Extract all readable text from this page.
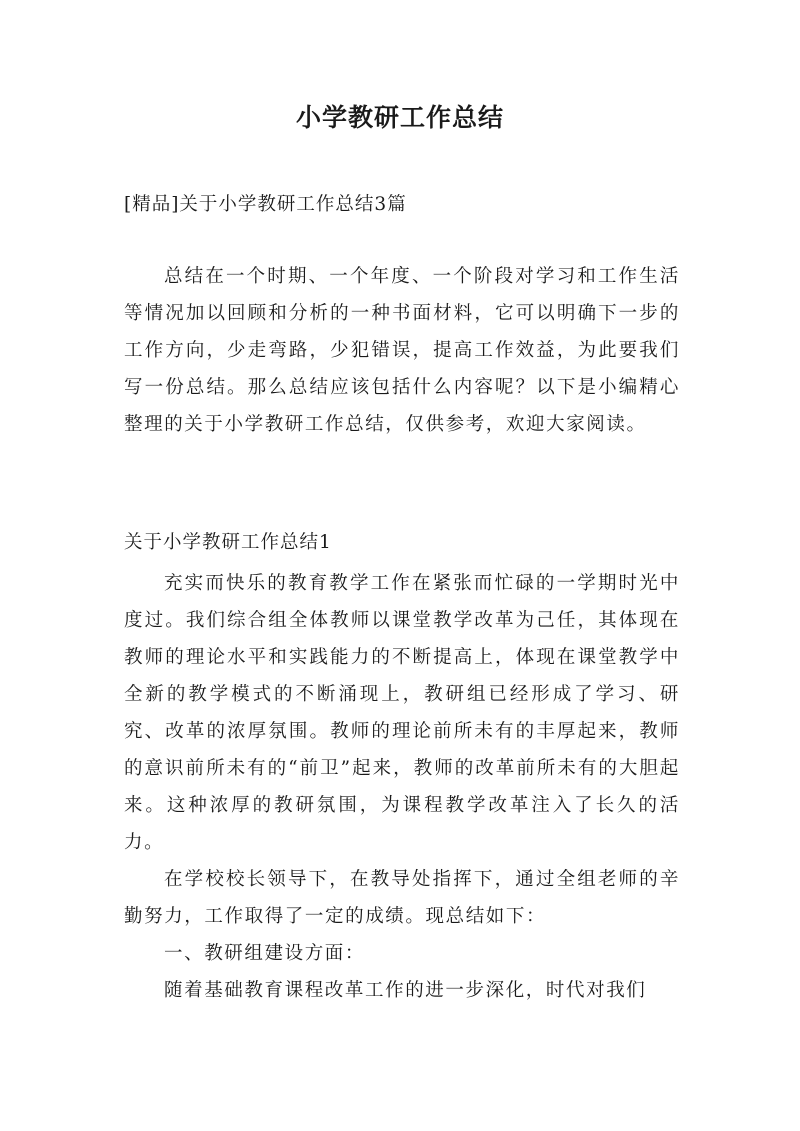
小学教研工作总结
[精品]关于小学教研工作总结3篇

总结在一个时期、一个年度、一个阶段对学习和工作生活等情况加以回顾和分析的一种书面材料，它可以明确下一步的工作方向，少走弯路，少犯错误，提高工作效益，为此要我们写一份总结。那么总结应该包括什么内容呢？以下是小编精心整理的关于小学教研工作总结，仅供参考，欢迎大家阅读。

关于小学教研工作总结1

充实而快乐的教育教学工作在紧张而忙碌的一学期时光中度过。我们综合组全体教师以课堂教学改革为己任，其体现在教师的理论水平和实践能力的不断提高上，体现在课堂教学中全新的教学模式的不断涌现上，教研组已经形成了学习、研究、改革的浓厚氛围。教师的理论前所未有的丰厚起来，教师的意识前所未有的“前卫”起来，教师的改革前所未有的大胆起来。这种浓厚的教研氛围，为课程教学改革注入了长久的活力。

在学校校长领导下，在教导处指挥下，通过全组老师的辛勤努力，工作取得了一定的成绩。现总结如下：

一、教研组建设方面：

随着基础教育课程改革工作的进一步深化，时代对我们
